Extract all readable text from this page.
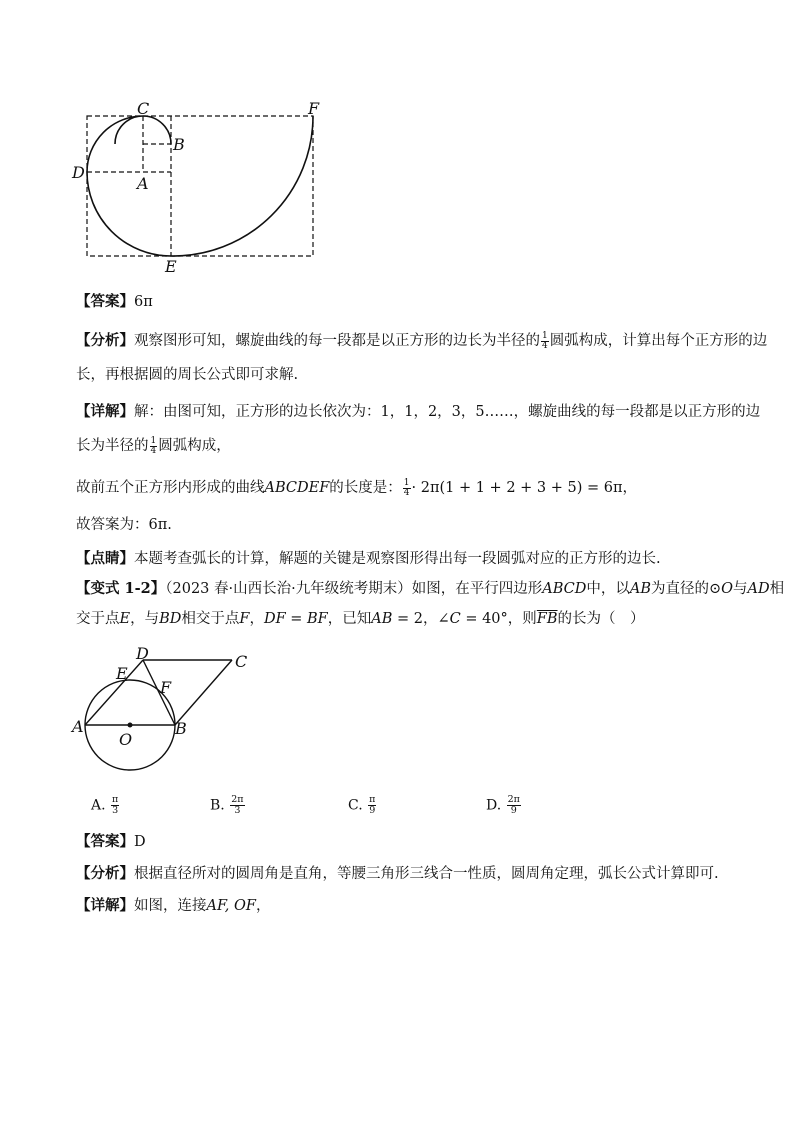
C	F
B
D
A
E
【答案】6π
【分析】观察图形可知，螺旋曲线的每一段都是以正方形的边长为半径的 $\frac{1}{4}$ 圆弧构成，计算出每个正方形的边
长，再根据圆的周长公式即可求解.
【详解】解：由图可知，正方形的边长依次为：1，1，2，3，5……，螺旋曲线的每一段都是以正方形的边
长为半径的 $\frac{1}{4}$ 圆弧构成，
故前五个正方形内形成的曲线ABCDEF的长度是： $\frac{1}{4} \cdot 2\pi(1 + 1 + 2 + 3 + 5) = 6\pi$，
故答案为：6π.
【点睛】本题考查弧长的计算，解题的关键是观察图形得出每一段圆弧对应的正方形的边长.
【变式 1-2】（2023 春·山西长治·九年级统考期末）如图，在平行四边形ABCD中，以AB为直径的⊙O与AD相
交于点E，与BD相交于点F，DF = BF，已知AB = 2，∠C = 40°，则$\overline{FB}$的长为（　）
D	C
E
F
A
O
B
A. $\frac{\pi}{3}$	B. $\frac{2\pi}{3}$	C. $\frac{\pi}{9}$	D. $\frac{2\pi}{9}$
【答案】D
【分析】根据直径所对的圆周角是直角，等腰三角形三线合一性质，圆周角定理，弧长公式计算即可.
【详解】如图，连接AF, OF，
